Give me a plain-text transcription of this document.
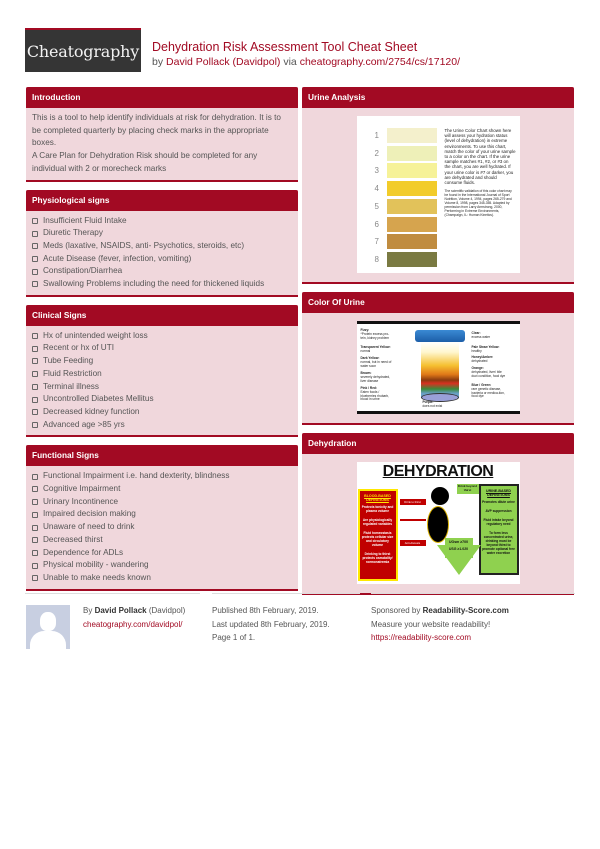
Cheatography Dehydration Risk Assessment Tool Cheat Sheet
by David Pollack (Davidpol) via cheatography.com/2754/cs/17120/
Introduction

This is a tool to help identify individuals at risk for dehydration. It is to be completed quarterly by placing check marks in the appropriate boxes.

A Care Plan for Dehydration Risk should be completed for any individual with 2 or morecheck marks

Physiological signs
Insufficient Fluid Intake
Diuretic Therapy
Meds (laxative, NSAIDS, anti- Psychotics, steroids, etc)
Acute Disease (fever, infection, vomiting)
Constipation/Diarrhea
Swallowing Problems including the need for thickened liquids
Clinical Signs
Hx of unintended weight loss
Recent or hx of UTI
Tube Feeding
Fluid Restriction
Terminal illness
Uncontrolled Diabetes Mellitus
Decreased kidney function
Advanced age >85 yrs
Functional Signs
Functional Impairment i.e. hand dexterity, blindness
Cognitive Impairment
Urinary Incontinence
Impaired decision making
Unaware of need to drink
Decreased thirst
Dependence for ADLs
Physical mobility - wandering
Unable to make needs known
Urine Analysis
1
2
3
4
5
6
7
8
The Urine Color Chart shown here will assess your hydration status (level of dehydration) in extreme environments. To use this chart, match the color of your urine sample to a color on the chart. If the urine sample matches #1, #2, or #3 on the chart, you are well hydrated. If your urine color is #7 or darker, you are dehydrated and should consume fluids.
The scientific validation of this color chart may be found in the International Journal of Sport Nutrition, Volume 4, 1994, pages 265-279 and Volume 8, 1998, pages 345-355. Adapted by permission from Larry Armstrong, 2000, Performing in Extreme Environments, (Champaign, IL: Human Kinetics).
Color Of Urine
Fizzy:
*Protein excess pro-tein, kidney problem
Transparent Yellow:
normal
Dark Yellow:
normal, but in need of water soon
Brown:
severely dehydrated, liver disease
Pink / Red:
Eaten foods / blueberries rhubarb, blood in urine
Clear:
excess water
Pale Straw Yellow:
healthy
Honey/Amber:
dehydrated
Orange:
dehydrated, liver/ bile duct condition, food dye
Blue / Green:
rare genetic disease, bacteria or medica-tion, food dye
Purple:
does not exist
Dehydration
DEHYDRATION
BLOOD-BASED DEFINITIONS
Protects tonicity and plasma volume
Are physiologically regulated variables
Fluid homeostasis protects cellular size and circulatory volume
Drinking to thirst protects osmolality/ normonatremia
URINE-BASED DEFINITIONS
Promotes dilute urine
AVP suppression
Fluid intake beyond regulatory need
To form less concentrated urine, drinking must be beyond thirst to promote optional free water excretion
Drink to thirst
Anti-diuresis
Drink beyond thirst
UOsm ≥700
USG ≥1.020
By David Pollack (Davidpol)
cheatography.com/davidpol/
Published 8th February, 2019.
Last updated 8th February, 2019.
Page 1 of 1.
Sponsored by Readability-Score.com
Measure your website readability!
https://readability-score.com
